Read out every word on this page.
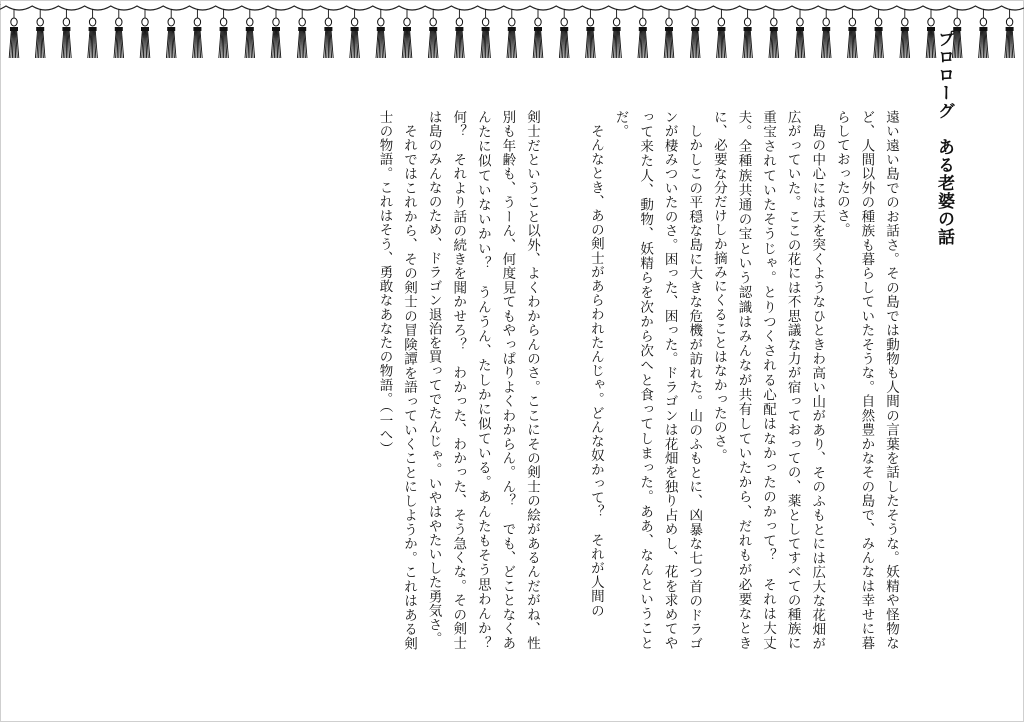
プロローグ　ある老婆の話

遠い遠い島でのお話さ。その島では動物も人間の言葉を話したそうな。妖精や怪物など、人間以外の種族も暮らしていたそうな。自然豊かなその島で、みんなは幸せに暮らしておったのさ。

島の中心には天を突くようなひときわ高い山があり、そのふもとには広大な花畑が広がっていた。ここの花には不思議な力が宿っておっての、薬としてすべての種族に重宝されていたそうじゃ。とりつくされる心配はなかったのかって？　それは大丈夫。全種族共通の宝という認識はみんなが共有していたから、だれもが必要なときに、必要な分だけしか摘みにくることはなかったのさ。

しかしこの平穏な島に大きな危機が訪れた。山のふもとに、凶暴な七つ首のドラゴンが棲みついたのさ。困った、困った。ドラゴンは花畑を独り占めし、花を求めてやって来た人、動物、妖精らを次から次へと食ってしまった。ああ、なんということだ。

そんなとき、あの剣士があらわれたんじゃ。どんな奴かって？　それが人間の

剣士だということ以外、よくわからんのさ。ここにその剣士の絵があるんだがね、性別も年齢も、うーん、何度見てもやっぱりよくわからん。ん？　でも、どことなくあんたに似ていないかい？　うんうん、たしかに似ている。あんたもそう思わんか？　何？　それより話の続きを聞かせろ？　わかった、わかった、そう急くな。その剣士は島のみんなのため、ドラゴン退治を買ってでたんじゃ。いやはやたいした勇気さ。

それではこれから、その剣士の冒険譚を語っていくことにしようか。これはある剣士の物語。これはそう、勇敢なあなたの物語。（一へ）
